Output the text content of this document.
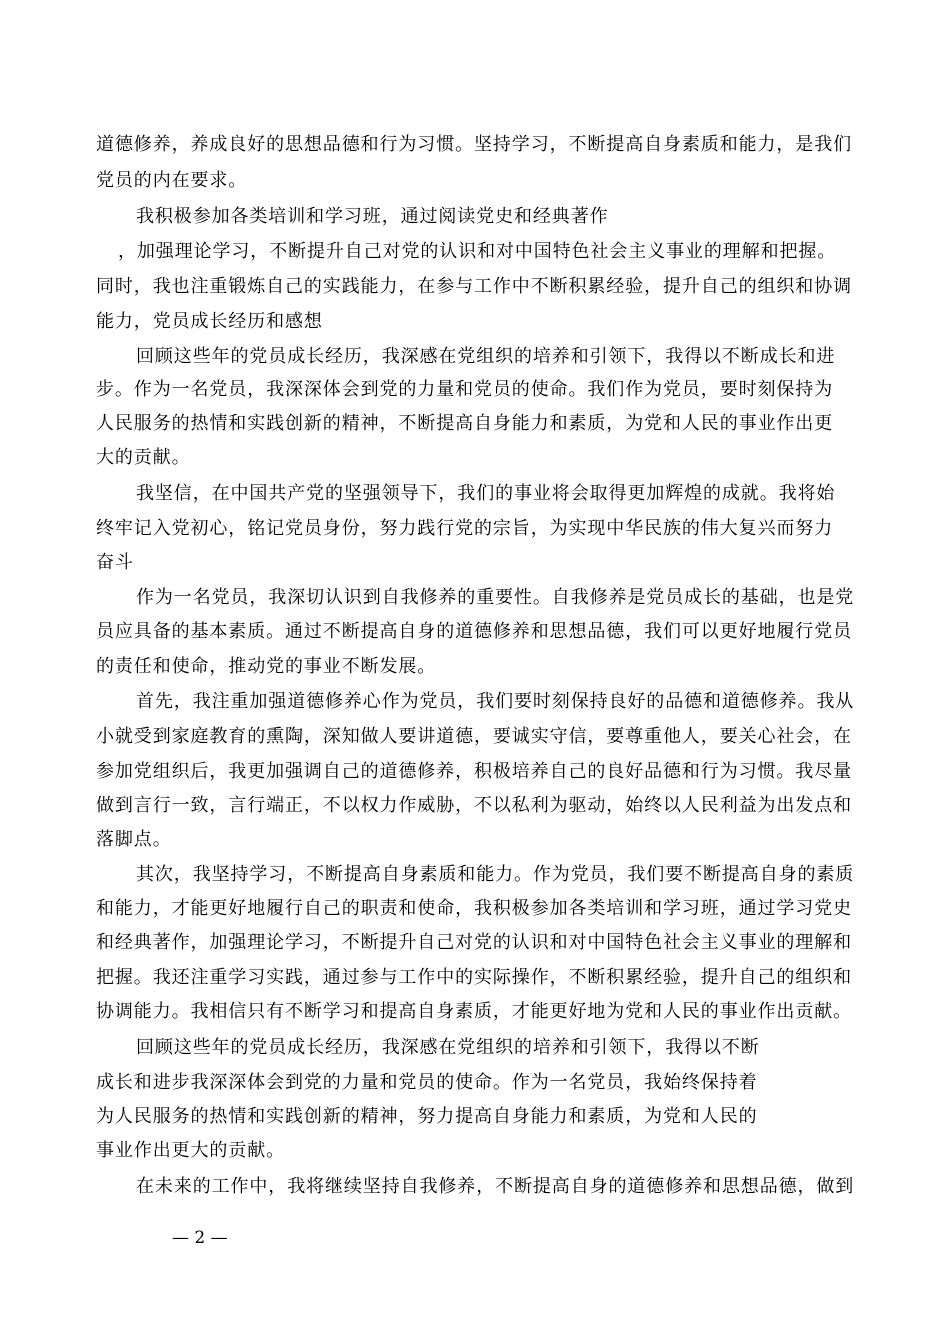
道德修养，养成良好的思想品德和行为习惯。坚持学习，不断提高自身素质和能力，是我们
党员的内在要求。
我积极参加各类培训和学习班，通过阅读党史和经典著作
，加强理论学习，不断提升自己对党的认识和对中国特色社会主义事业的理解和把握。
同时，我也注重锻炼自己的实践能力，在参与工作中不断积累经验，提升自己的组织和协调
能力，党员成长经历和感想
回顾这些年的党员成长经历，我深感在党组织的培养和引领下，我得以不断成长和进
步。作为一名党员，我深深体会到党的力量和党员的使命。我们作为党员，要时刻保持为
人民服务的热情和实践创新的精神，不断提高自身能力和素质，为党和人民的事业作出更
大的贡献。
我坚信，在中国共产党的坚强领导下，我们的事业将会取得更加辉煌的成就。我将始
终牢记入党初心，铭记党员身份，努力践行党的宗旨，为实现中华民族的伟大复兴而努力
奋斗
作为一名党员，我深切认识到自我修养的重要性。自我修养是党员成长的基础，也是党
员应具备的基本素质。通过不断提高自身的道德修养和思想品德，我们可以更好地履行党员
的责任和使命，推动党的事业不断发展。
首先，我注重加强道德修养心作为党员，我们要时刻保持良好的品德和道德修养。我从
小就受到家庭教育的熏陶，深知做人要讲道德，要诚实守信，要尊重他人，要关心社会，在
参加党组织后，我更加强调自己的道德修养，积极培养自己的良好品德和行为习惯。我尽量
做到言行一致，言行端正，不以权力作威胁，不以私利为驱动，始终以人民利益为出发点和
落脚点。
其次，我坚持学习，不断提高自身素质和能力。作为党员，我们要不断提高自身的素质
和能力，才能更好地履行自己的职责和使命，我积极参加各类培训和学习班，通过学习党史
和经典著作，加强理论学习，不断提升自己对党的认识和对中国特色社会主义事业的理解和
把握。我还注重学习实践，通过参与工作中的实际操作，不断积累经验，提升自己的组织和
协调能力。我相信只有不断学习和提高自身素质，才能更好地为党和人民的事业作出贡献。
回顾这些年的党员成长经历，我深感在党组织的培养和引领下，我得以不断
成长和进步我深深体会到党的力量和党员的使命。作为一名党员，我始终保持着
为人民服务的热情和实践创新的精神，努力提高自身能力和素质，为党和人民的
事业作出更大的贡献。
在未来的工作中，我将继续坚持自我修养，不断提高自身的道德修养和思想品德，做到
— 2 —
